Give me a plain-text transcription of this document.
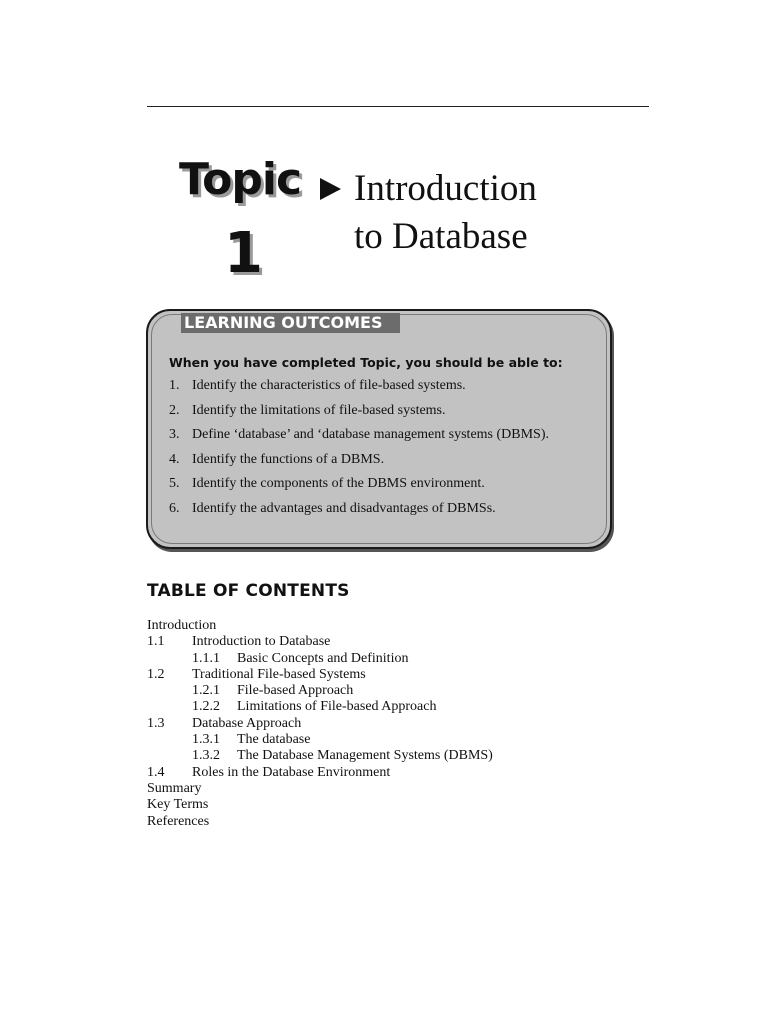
Topic
1
Introduction
to Database
LEARNING OUTCOMES
When you have completed Topic, you should be able to:
1. Identify the characteristics of file-based systems.
2. Identify the limitations of file-based systems.
3. Define ‘database’ and ‘database management systems (DBMS).
4. Identify the functions of a DBMS.
5. Identify the components of the DBMS environment.
6. Identify the advantages and disadvantages of DBMSs.
TABLE OF CONTENTS
Introduction
1.1 Introduction to Database
1.1.1 Basic Concepts and Definition
1.2 Traditional File-based Systems
1.2.1 File-based Approach
1.2.2 Limitations of File-based Approach
1.3 Database Approach
1.3.1 The database
1.3.2 The Database Management Systems (DBMS)
1.4 Roles in the Database Environment
Summary
Key Terms
References
